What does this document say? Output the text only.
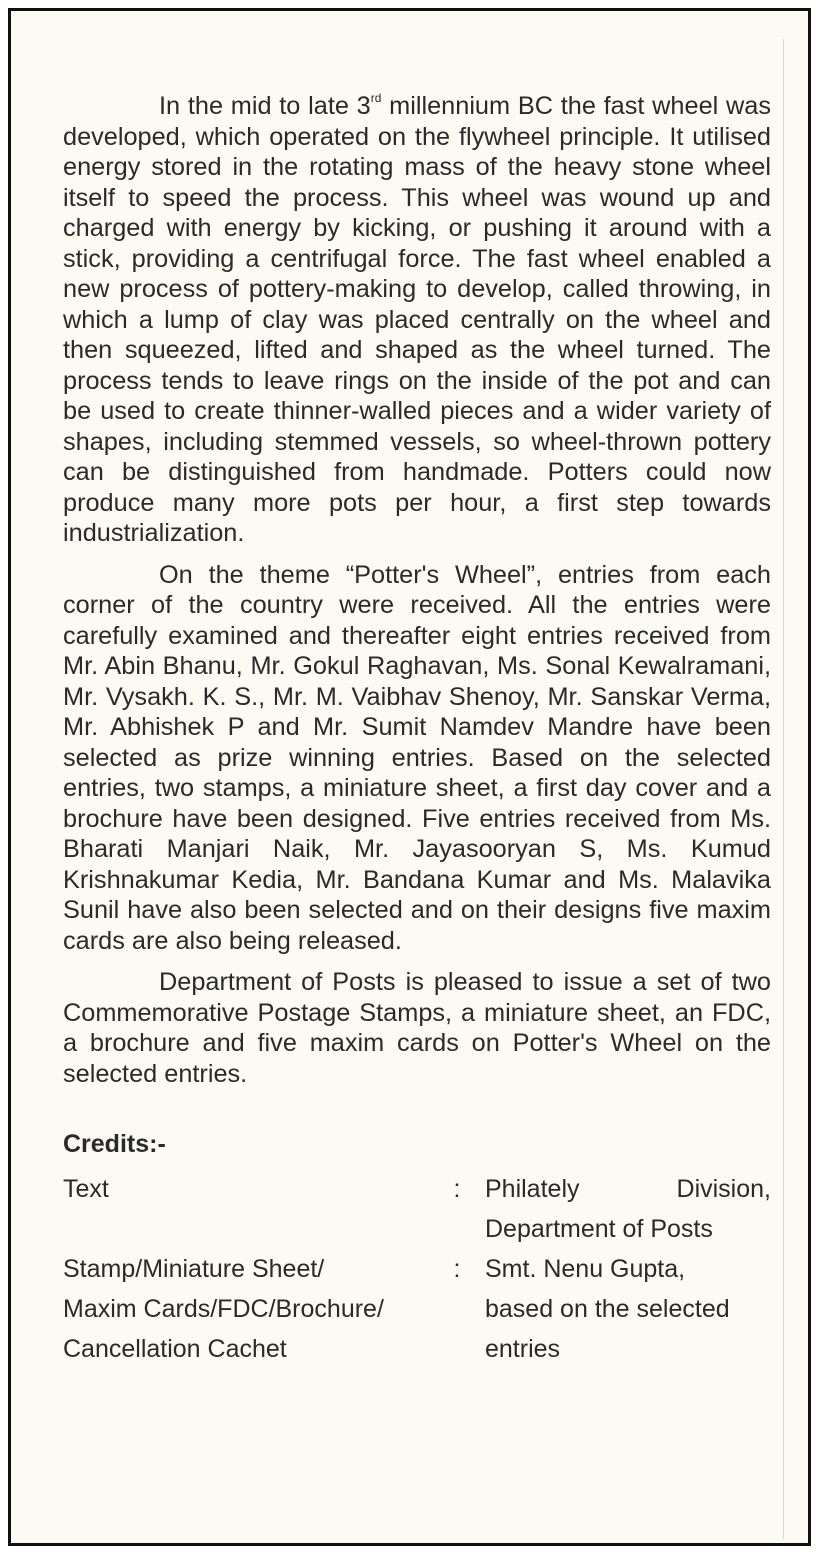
In the mid to late 3rd millennium BC the fast wheel was developed, which operated on the flywheel principle. It utilised energy stored in the rotating mass of the heavy stone wheel itself to speed the process. This wheel was wound up and charged with energy by kicking, or pushing it around with a stick, providing a centrifugal force. The fast wheel enabled a new process of pottery-making to develop, called throwing, in which a lump of clay was placed centrally on the wheel and then squeezed, lifted and shaped as the wheel turned. The process tends to leave rings on the inside of the pot and can be used to create thinner-walled pieces and a wider variety of shapes, including stemmed vessels, so wheel-thrown pottery can be distinguished from handmade. Potters could now produce many more pots per hour, a first step towards industrialization.

On the theme “Potter's Wheel”, entries from each corner of the country were received. All the entries were carefully examined and thereafter eight entries received from Mr. Abin Bhanu, Mr. Gokul Raghavan, Ms. Sonal Kewalramani, Mr. Vysakh. K. S., Mr. M. Vaibhav Shenoy, Mr. Sanskar Verma, Mr. Abhishek P and Mr. Sumit Namdev Mandre have been selected as prize winning entries. Based on the selected entries, two stamps, a miniature sheet, a first day cover and a brochure have been designed. Five entries received from Ms. Bharati Manjari Naik, Mr. Jayasooryan S, Ms. Kumud Krishnakumar Kedia, Mr. Bandana Kumar and Ms. Malavika Sunil have also been selected and on their designs five maxim cards are also being released.

Department of Posts is pleased to issue a set of two Commemorative Postage Stamps, a miniature sheet, an FDC, a brochure and five maxim cards on Potter's Wheel on the selected entries.

Credits:-
Text	: Philately Division,
Department of Posts
Stamp/Miniature Sheet/
Maxim Cards/FDC/Brochure/
Cancellation Cachet
: Smt. Nenu Gupta,
based on the selected
entries
